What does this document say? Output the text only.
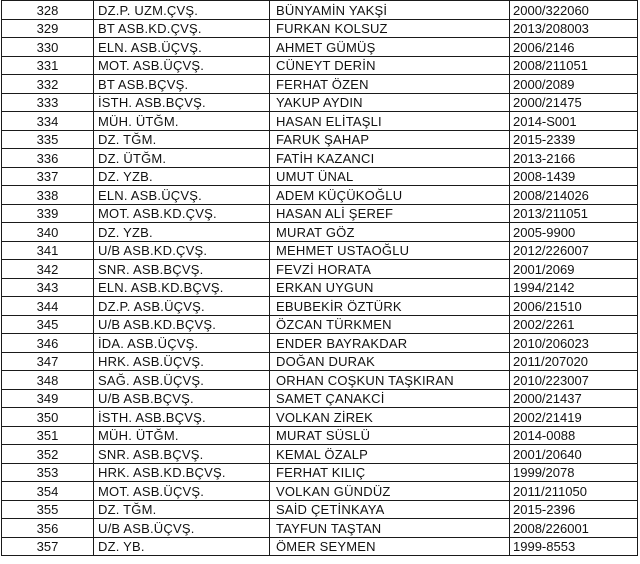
328	DZ.P. UZM.ÇVŞ.	BÜNYAMİN YAKŞİ	2000/322060
329	BT ASB.KD.ÇVŞ.	FURKAN KOLSUZ	2013/208003
330	ELN. ASB.ÜÇVŞ.	AHMET GÜMÜŞ	2006/2146
331	MOT. ASB.ÜÇVŞ.	CÜNEYT DERİN	2008/211051
332	BT ASB.BÇVŞ.	FERHAT ÖZEN	2000/2089
333	İSTH. ASB.BÇVŞ.	YAKUP AYDIN	2000/21475
334	MÜH. ÜTĞM.	HASAN ELİTAŞLI	2014-S001
335	DZ. TĞM.	FARUK ŞAHAP	2015-2339
336	DZ. ÜTĞM.	FATİH KAZANCI	2013-2166
337	DZ. YZB.	UMUT ÜNAL	2008-1439
338	ELN. ASB.ÜÇVŞ.	ADEM KÜÇÜKOĞLU	2008/214026
339	MOT. ASB.KD.ÇVŞ.	HASAN ALİ ŞEREF	2013/211051
340	DZ. YZB.	MURAT GÖZ	2005-9900
341	U/B ASB.KD.ÇVŞ.	MEHMET USTAOĞLU	2012/226007
342	SNR. ASB.BÇVŞ.	FEVZİ HORATA	2001/2069
343	ELN. ASB.KD.BÇVŞ.	ERKAN UYGUN	1994/2142
344	DZ.P. ASB.ÜÇVŞ.	EBUBEKİR ÖZTÜRK	2006/21510
345	U/B ASB.KD.BÇVŞ.	ÖZCAN TÜRKMEN	2002/2261
346	İDA. ASB.ÜÇVŞ.	ENDER BAYRAKDAR	2010/206023
347	HRK. ASB.ÜÇVŞ.	DOĞAN DURAK	2011/207020
348	SAĞ. ASB.ÜÇVŞ.	ORHAN COŞKUN TAŞKIRAN	2010/223007
349	U/B ASB.BÇVŞ.	SAMET ÇANAKCİ	2000/21437
350	İSTH. ASB.BÇVŞ.	VOLKAN ZİREK	2002/21419
351	MÜH. ÜTĞM.	MURAT SÜSLÜ	2014-0088
352	SNR. ASB.BÇVŞ.	KEMAL ÖZALP	2001/20640
353	HRK. ASB.KD.BÇVŞ.	FERHAT KILIÇ	1999/2078
354	MOT. ASB.ÜÇVŞ.	VOLKAN GÜNDÜZ	2011/211050
355	DZ. TĞM.	SAİD ÇETİNKAYA	2015-2396
356	U/B ASB.ÜÇVŞ.	TAYFUN TAŞTAN	2008/226001
357	DZ. YB.	ÖMER SEYMEN	1999-8553
